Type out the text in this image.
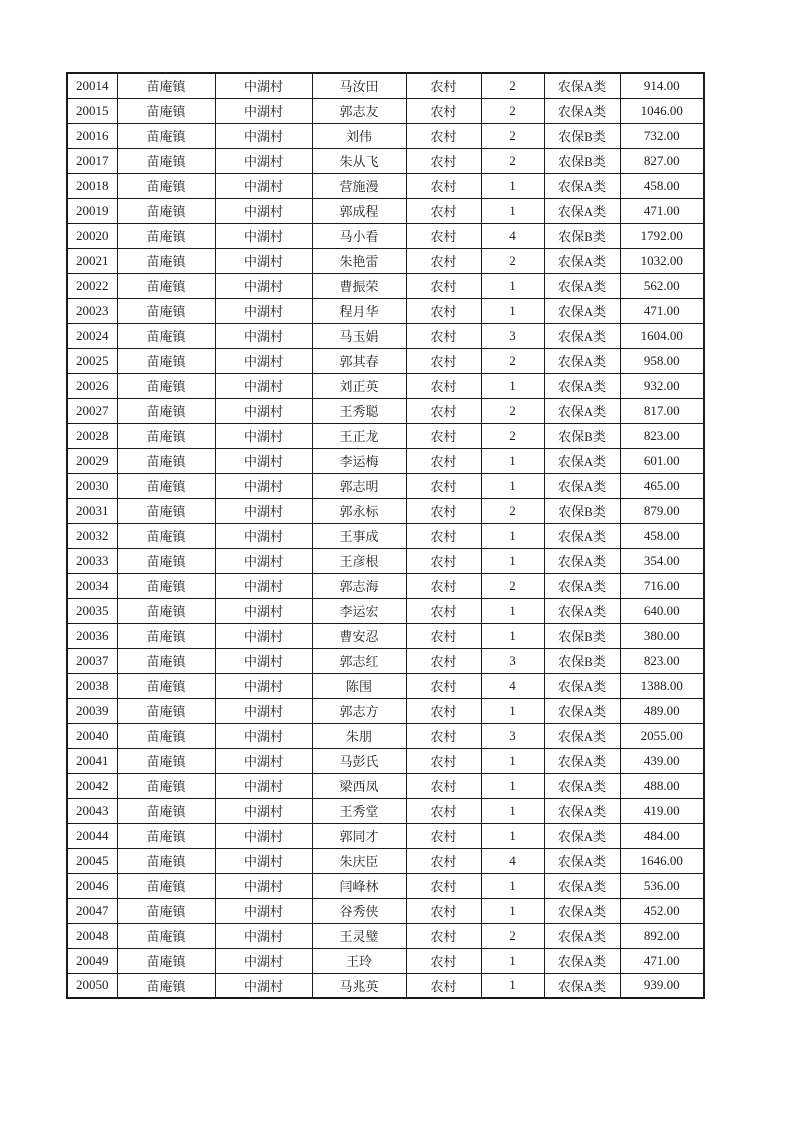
20014	苗庵镇	中湖村	马汝田	农村	2	农保A类	914.00
20015	苗庵镇	中湖村	郭志友	农村	2	农保A类	1046.00
20016	苗庵镇	中湖村	刘伟	农村	2	农保B类	732.00
20017	苗庵镇	中湖村	朱从飞	农村	2	农保B类	827.00
20018	苗庵镇	中湖村	营施漫	农村	1	农保A类	458.00
20019	苗庵镇	中湖村	郭成程	农村	1	农保A类	471.00
20020	苗庵镇	中湖村	马小看	农村	4	农保B类	1792.00
20021	苗庵镇	中湖村	朱艳雷	农村	2	农保A类	1032.00
20022	苗庵镇	中湖村	曹振荣	农村	1	农保A类	562.00
20023	苗庵镇	中湖村	程月华	农村	1	农保A类	471.00
20024	苗庵镇	中湖村	马玉娟	农村	3	农保A类	1604.00
20025	苗庵镇	中湖村	郭其春	农村	2	农保A类	958.00
20026	苗庵镇	中湖村	刘正英	农村	1	农保A类	932.00
20027	苗庵镇	中湖村	王秀聪	农村	2	农保A类	817.00
20028	苗庵镇	中湖村	王正龙	农村	2	农保B类	823.00
20029	苗庵镇	中湖村	李运梅	农村	1	农保A类	601.00
20030	苗庵镇	中湖村	郭志明	农村	1	农保A类	465.00
20031	苗庵镇	中湖村	郭永标	农村	2	农保B类	879.00
20032	苗庵镇	中湖村	王事成	农村	1	农保A类	458.00
20033	苗庵镇	中湖村	王彦根	农村	1	农保A类	354.00
20034	苗庵镇	中湖村	郭志海	农村	2	农保A类	716.00
20035	苗庵镇	中湖村	李运宏	农村	1	农保A类	640.00
20036	苗庵镇	中湖村	曹安忍	农村	1	农保B类	380.00
20037	苗庵镇	中湖村	郭志红	农村	3	农保B类	823.00
20038	苗庵镇	中湖村	陈围	农村	4	农保A类	1388.00
20039	苗庵镇	中湖村	郭志方	农村	1	农保A类	489.00
20040	苗庵镇	中湖村	朱朋	农村	3	农保A类	2055.00
20041	苗庵镇	中湖村	马彭氏	农村	1	农保A类	439.00
20042	苗庵镇	中湖村	梁西凤	农村	1	农保A类	488.00
20043	苗庵镇	中湖村	王秀堂	农村	1	农保A类	419.00
20044	苗庵镇	中湖村	郭同才	农村	1	农保A类	484.00
20045	苗庵镇	中湖村	朱庆臣	农村	4	农保A类	1646.00
20046	苗庵镇	中湖村	闫峰林	农村	1	农保A类	536.00
20047	苗庵镇	中湖村	谷秀侠	农村	1	农保A类	452.00
20048	苗庵镇	中湖村	王灵璧	农村	2	农保A类	892.00
20049	苗庵镇	中湖村	王玲	农村	1	农保A类	471.00
20050	苗庵镇	中湖村	马兆英	农村	1	农保A类	939.00
